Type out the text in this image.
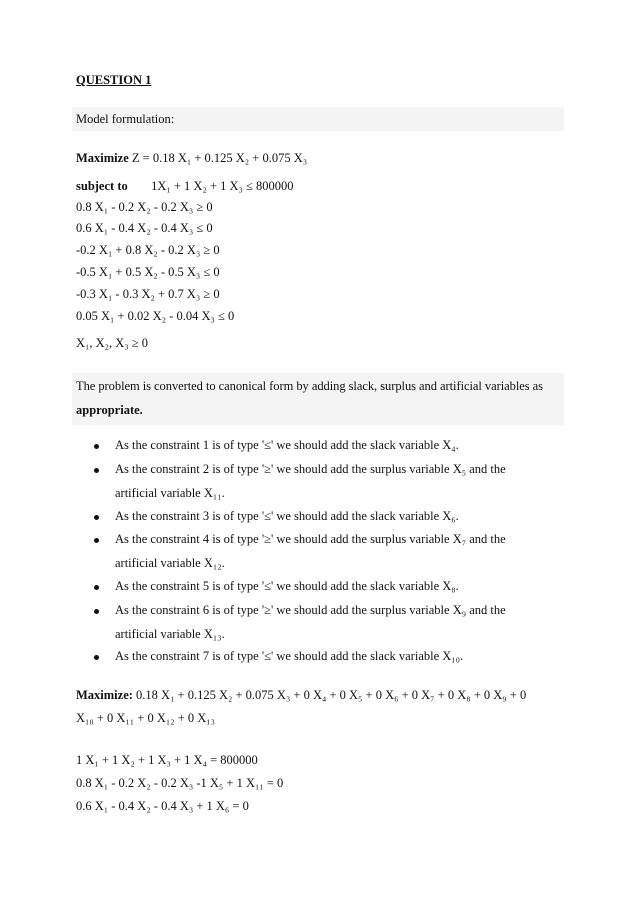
QUESTION 1
Model formulation:
Maximize Z = 0.18 X₁ + 0.125 X₂ + 0.075 X₃
subject to 1X₁ + 1 X₂ + 1 X₃ ≤ 800000
0.8 X₁ - 0.2 X₂ - 0.2 X₃ ≥ 0
0.6 X₁ - 0.4 X₂ - 0.4 X₃ ≤ 0
-0.2 X₁ + 0.8 X₂ - 0.2 X₃ ≥ 0
-0.5 X₁ + 0.5 X₂ - 0.5 X₃ ≤ 0
-0.3 X₁ - 0.3 X₂ + 0.7 X₃ ≥ 0
0.05 X₁ + 0.02 X₂ - 0.04 X₃ ≤ 0
X₁, X₂, X₃ ≥ 0
The problem is converted to canonical form by adding slack, surplus and artificial variables as
appropriate.
As the constraint 1 is of type '≤' we should add the slack variable X₄.
As the constraint 2 is of type '≥' we should add the surplus variable X₅ and the
artificial variable X₁₁.
As the constraint 3 is of type '≤' we should add the slack variable X₆.
As the constraint 4 is of type '≥' we should add the surplus variable X₇ and the
artificial variable X₁₂.
As the constraint 5 is of type '≤' we should add the slack variable X₈.
As the constraint 6 is of type '≥' we should add the surplus variable X₉ and the
artificial variable X₁₃.
As the constraint 7 is of type '≤' we should add the slack variable X₁₀.
Maximize: 0.18 X₁ + 0.125 X₂ + 0.075 X₃ + 0 X₄ + 0 X₅ + 0 X₆ + 0 X₇ + 0 X₈ + 0 X₉ + 0
X₁₀ + 0 X₁₁ + 0 X₁₂ + 0 X₁₃
1 X₁ + 1 X₂ + 1 X₃ + 1 X₄ = 800000
0.8 X₁ - 0.2 X₂ - 0.2 X₃ -1 X₅ + 1 X₁₁ = 0
0.6 X₁ - 0.4 X₂ - 0.4 X₃ + 1 X₆ = 0
